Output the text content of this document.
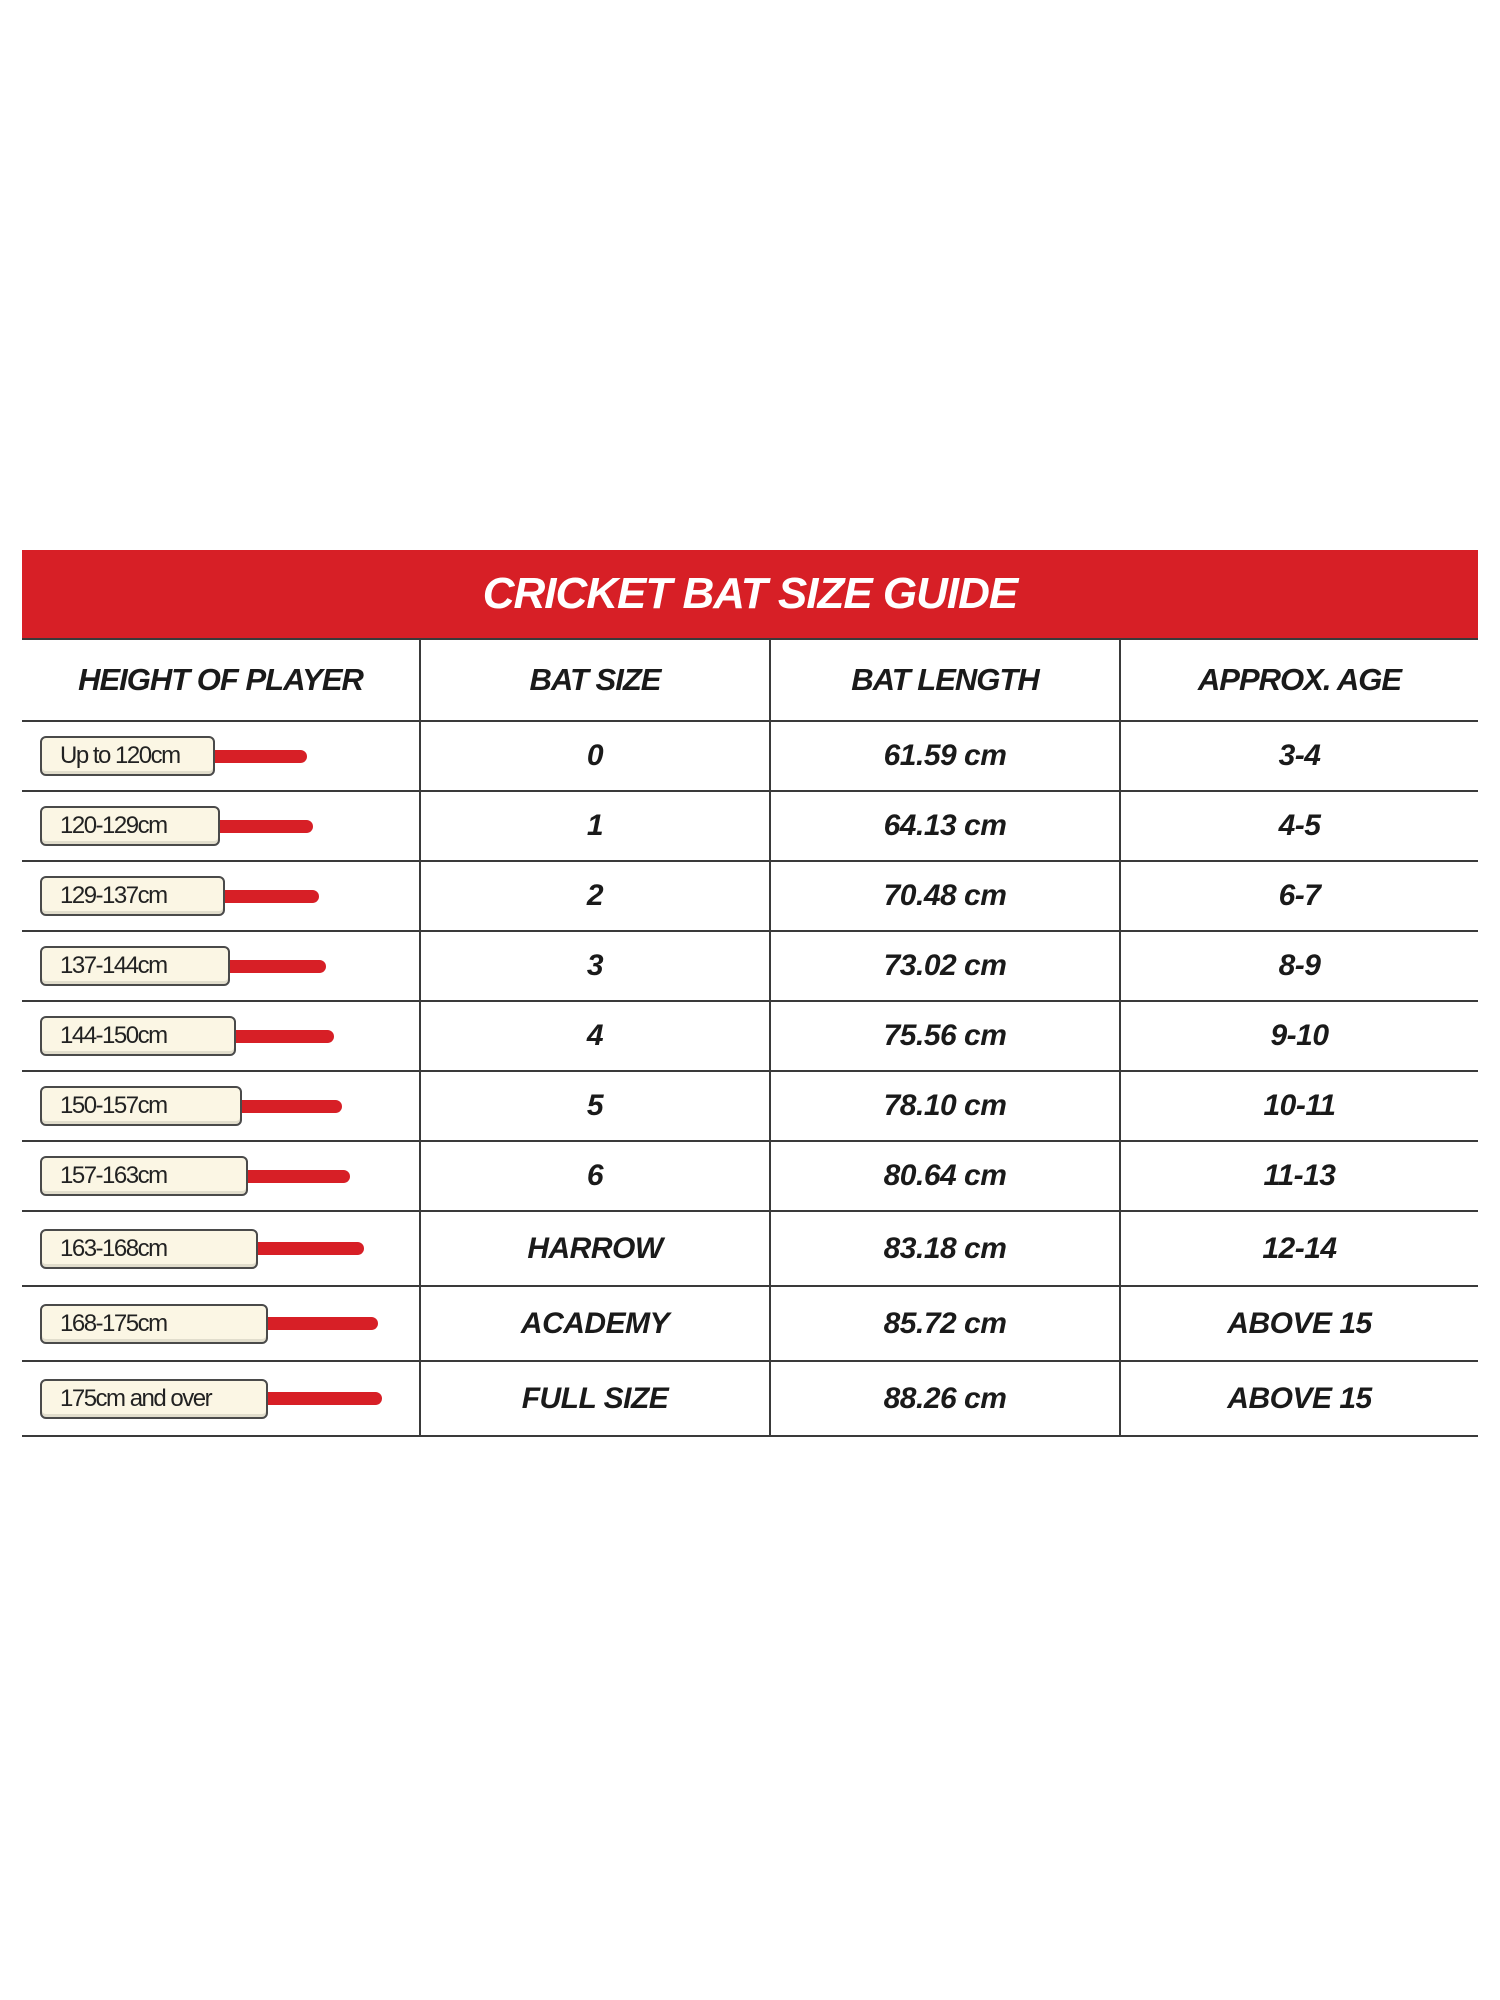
CRICKET BAT SIZE GUIDE
HEIGHT OF PLAYER	BAT SIZE	BAT LENGTH	APPROX. AGE

Up to 120cm	0	61.59 cm	3-4

120-129cm	1	64.13 cm	4-5

129-137cm	2	70.48 cm	6-7

137-144cm	3	73.02 cm	8-9

144-150cm	4	75.56 cm	9-10

150-157cm	5	78.10 cm	10-11

157-163cm	6	80.64 cm	11-13

163-168cm	HARROW	83.18 cm	12-14

168-175cm	ACADEMY	85.72 cm	ABOVE 15

175cm and over	FULL SIZE	88.26 cm	ABOVE 15
